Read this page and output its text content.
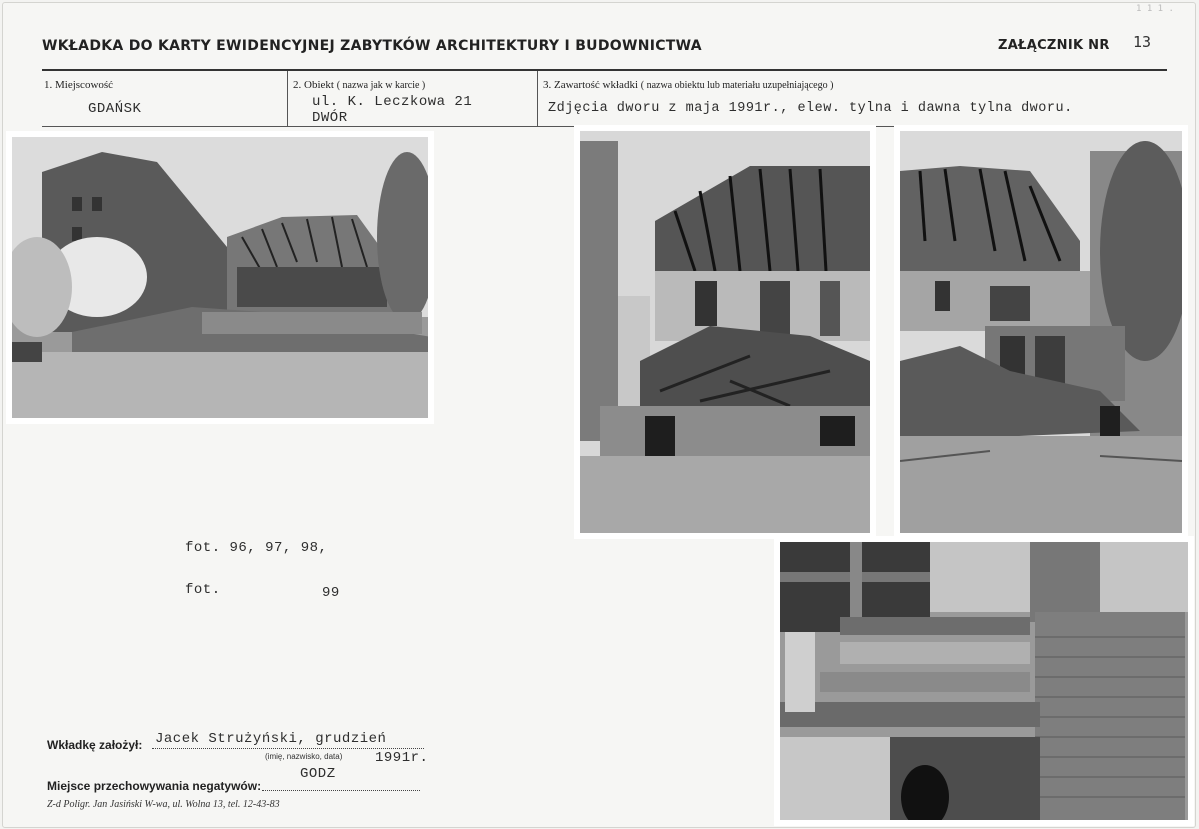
1 1 1 .
WKŁADKA DO KARTY EWIDENCYJNEJ ZABYTKÓW ARCHITEKTURY I BUDOWNICTWA	ZAŁĄCZNIK NR 13
1. Miejscowość
GDAŃSK
2. Obiekt ( nazwa jak w karcie )
ul. K. Leczkowa 21
DWÓR
3. Zawartość wkładki ( nazwa obiektu lub materiału uzupełniającego )
Zdjęcia dworu z maja 1991r., elew. tylna i dawna tylna dworu.
fot. 96, 97, 98,
fot.	99
Wkładkę założył: Jacek Strużyński, grudzień
(imię, nazwisko, data) 1991r.
GODZ
Miejsce przechowywania negatywów:
Z-d Poligr. Jan Jasiński W-wa, ul. Wolna 13, tel. 12-43-83
